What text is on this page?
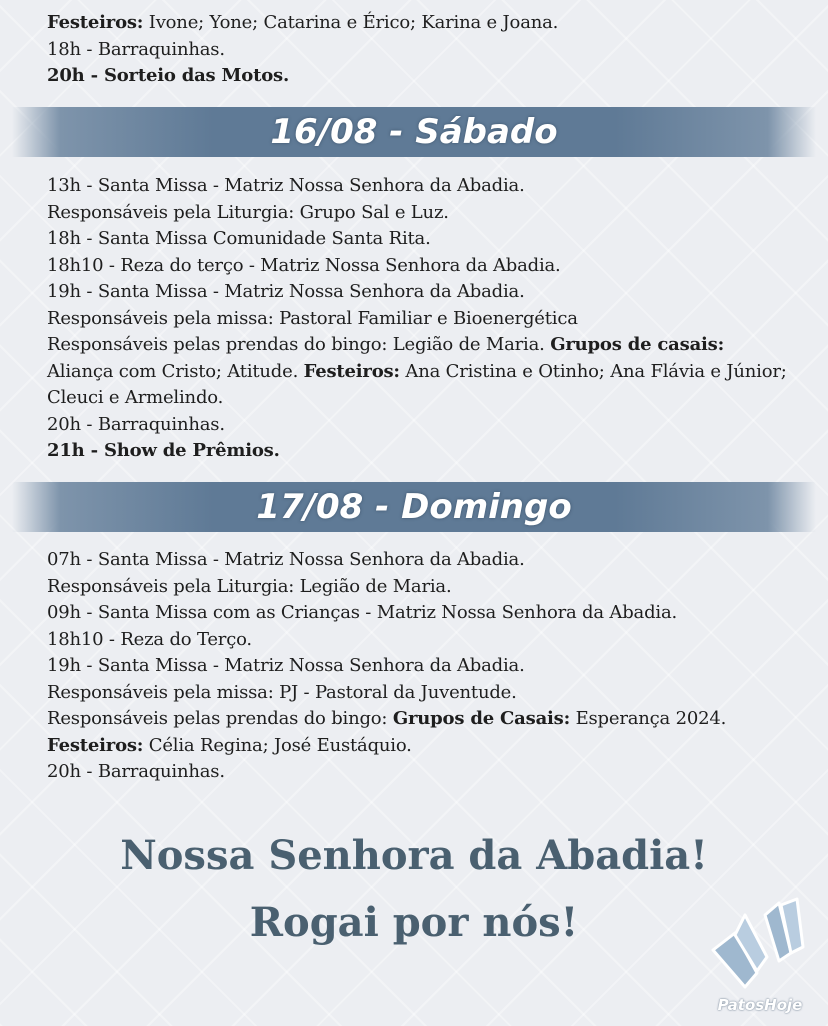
Festeiros: Ivone; Yone; Catarina e Érico; Karina e Joana.
18h - Barraquinhas.
20h - Sorteio das Motos.
16/08 - Sábado
13h - Santa Missa - Matriz Nossa Senhora da Abadia.
Responsáveis pela Liturgia: Grupo Sal e Luz.
18h - Santa Missa Comunidade Santa Rita.
18h10 - Reza do terço - Matriz Nossa Senhora da Abadia.
19h - Santa Missa - Matriz Nossa Senhora da Abadia.
Responsáveis pela missa: Pastoral Familiar e Bioenergética
Responsáveis pelas prendas do bingo: Legião de Maria. Grupos de casais: Aliança com Cristo; Atitude. Festeiros: Ana Cristina e Otinho; Ana Flávia e Júnior; Cleuci e Armelindo.
20h - Barraquinhas.
21h - Show de Prêmios.
17/08 - Domingo
07h - Santa Missa - Matriz Nossa Senhora da Abadia.
Responsáveis pela Liturgia: Legião de Maria.
09h - Santa Missa com as Crianças - Matriz Nossa Senhora da Abadia.
18h10 - Reza do Terço.
19h - Santa Missa - Matriz Nossa Senhora da Abadia.
Responsáveis pela missa: PJ - Pastoral da Juventude.
Responsáveis pelas prendas do bingo: Grupos de Casais: Esperança 2024.
Festeiros: Célia Regina; José Eustáquio.
20h - Barraquinhas.
Nossa Senhora da Abadia!
Rogai por nós!
PatosHoje
